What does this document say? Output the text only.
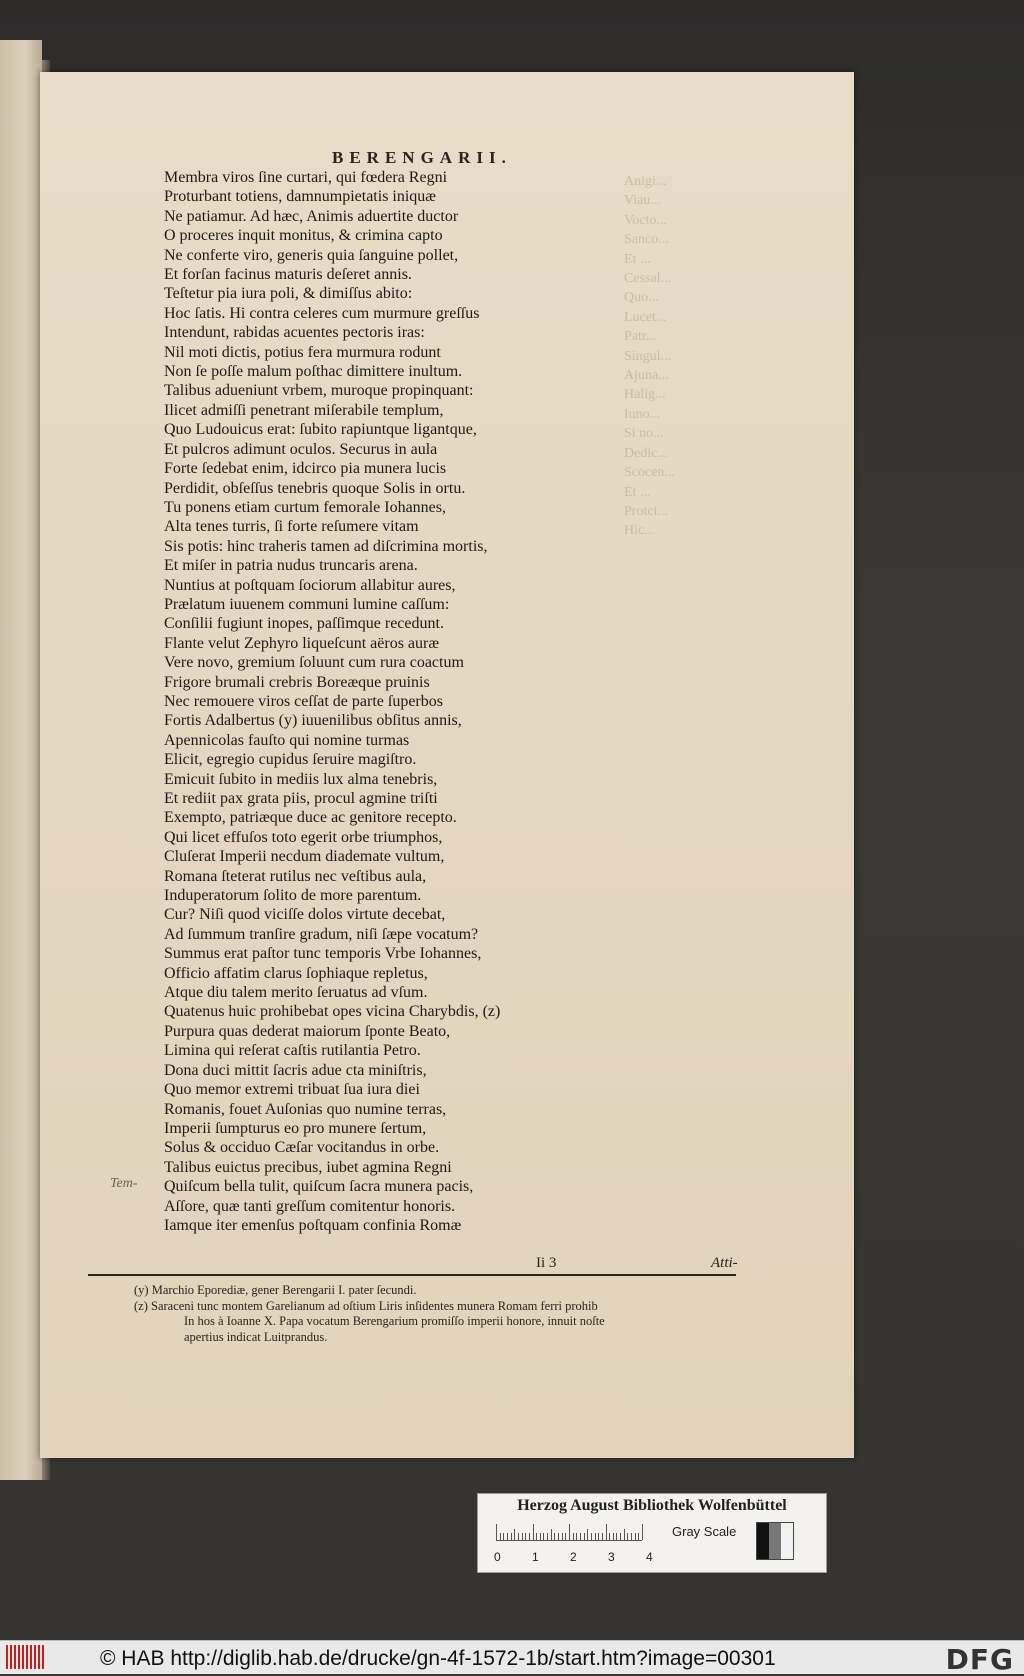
Anigi...
Viau...
Vocto...
Sanco...
Et ...
Cessal...
Quo...
Lucet...
Patr...
Singul...
Ajuna...
Halig...
Iuno...
Si no...
Dedic...
Scocen...
Et ...
Protci...
Hic...
BERENGARII.
Membra viros ſine curtari, qui fœdera Regni
Proturbant totiens, damnumpietatis iniquæ
Ne patiamur. Ad hæc, Animis aduertite ductor
O proceres inquit monitus, & crimina capto
Ne conferte viro, generis quia ſanguine pollet,
Et forſan facinus maturis deſeret annis.
Teſtetur pia iura poli, & dimiſſus abito:
Hoc ſatis. Hi contra celeres cum murmure greſſus
Intendunt, rabidas acuentes pectoris iras:
Nil moti dictis, potius fera murmura rodunt
Non ſe poſſe malum poſthac dimittere inultum.
Talibus adueniunt vrbem, muroque propinquant:
Ilicet admiſſi penetrant miſerabile templum,
Quo Ludouicus erat: ſubito rapiuntque ligantque,
Et pulcros adimunt oculos. Securus in aula
Forte ſedebat enim, idcirco pia munera lucis
Perdidit, obſeſſus tenebris quoque Solis in ortu.
Tu ponens etiam curtum femorale Iohannes,
Alta tenes turris, ſi forte reſumere vitam
Sis potis: hinc traheris tamen ad diſcrimina mortis,
Et miſer in patria nudus truncaris arena.
Nuntius at poſtquam ſociorum allabitur aures,
Prælatum iuuenem communi lumine caſſum:
Conſilii fugiunt inopes, paſſimque recedunt.
Flante velut Zephyro liqueſcunt aëros auræ
Vere novo, gremium ſoluunt cum rura coactum
Frigore brumali crebris Boreæque pruinis
Nec remouere viros ceſſat de parte ſuperbos
Fortis Adalbertus (y) iuuenilibus obſitus annis,
Apennicolas fauſto qui nomine turmas
Elicit, egregio cupidus ſeruire magiſtro.
Emicuit ſubito in mediis lux alma tenebris,
Et rediit pax grata piis, procul agmine triſti
Exempto, patriæque duce ac genitore recepto.
Qui licet effuſos toto egerit orbe triumphos,
Cluſerat Imperii necdum diademate vultum,
Romana ſteterat rutilus nec veſtibus aula,
Induperatorum ſolito de more parentum.
Cur? Niſi quod viciſſe dolos virtute decebat,
Ad ſummum tranſire gradum, niſi ſæpe vocatum?
Summus erat paſtor tunc temporis Vrbe Iohannes,
Officio affatim clarus ſophiaque repletus,
Atque diu talem merito ſeruatus ad vſum.
Quatenus huic prohibebat opes vicina Charybdis, (z)
Purpura quas dederat maiorum ſponte Beato,
Limina qui reſerat caſtis rutilantia Petro.
Dona duci mittit ſacris adue cta miniſtris,
Quo memor extremi tribuat ſua iura diei
Romanis, fouet Auſonias quo numine terras,
Imperii ſumpturus eo pro munere ſertum,
Solus & occiduo Cæſar vocitandus in orbe.
Talibus euictus precibus, iubet agmina Regni
Quiſcum bella tulit, quiſcum ſacra munera pacis,
Aſſore, quæ tanti greſſum comitentur honoris.
Iamque iter emenſus poſtquam confinia Romæ
Tem-
Ii 3	Atti-
(y) Marchio Eporediæ, gener Berengarii I. pater ſecundi.
(z) Saraceni tunc montem Garelianum ad oſtium Liris inſidentes munera Romam ferri prohib
In hos à Ioanne X. Papa vocatum Berengarium promiſſo imperii honore, innuit noſte
apertius indicat Luitprandus.
Herzog August Bibliothek Wolfenbüttel
0	1	2	3	4
Gray Scale
© HAB http://diglib.hab.de/drucke/gn-4f-1572-1b/start.htm?image=00301	DFG
